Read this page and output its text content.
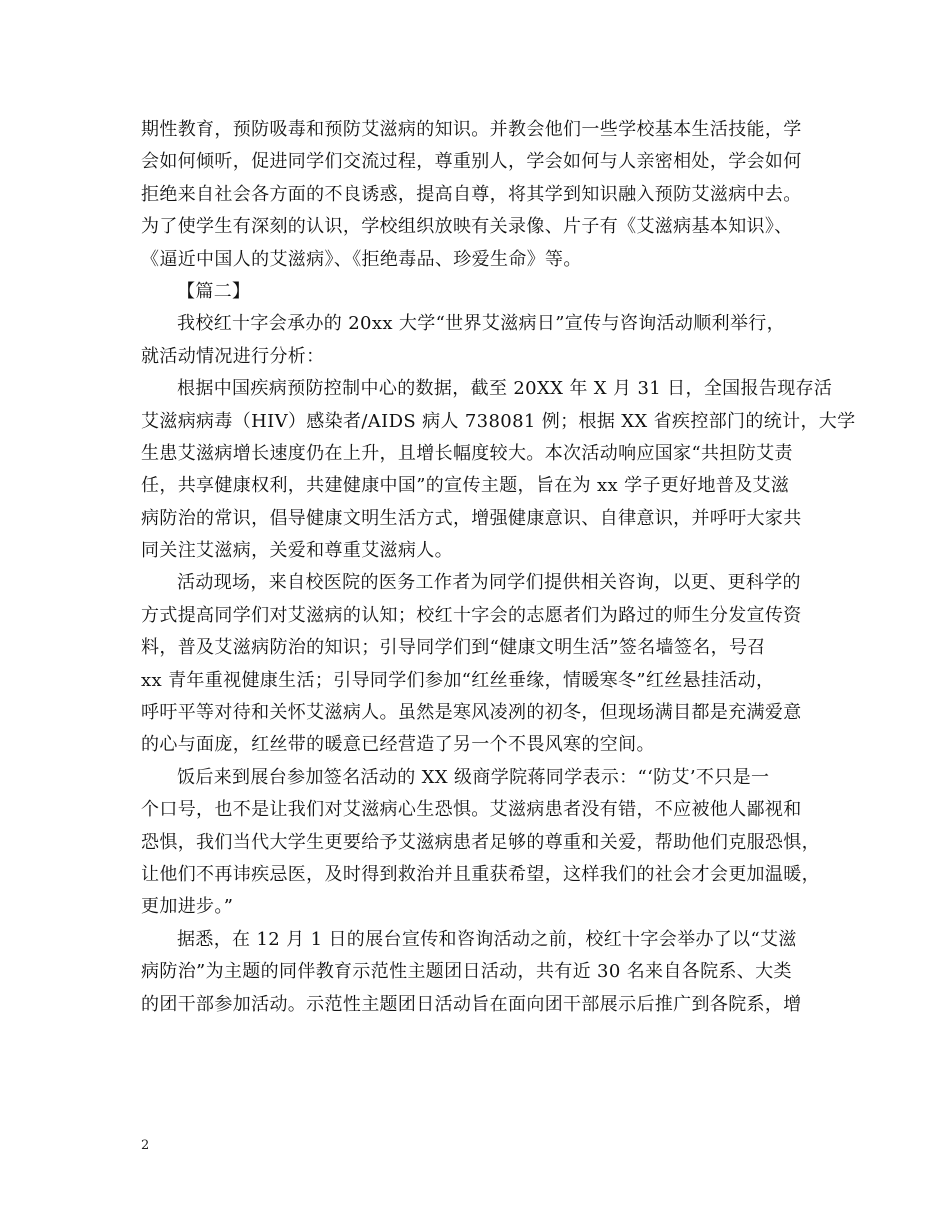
期性教育，预防吸毒和预防艾滋病的知识。并教会他们一些学校基本生活技能，学
会如何倾听，促进同学们交流过程，尊重别人，学会如何与人亲密相处，学会如何
拒绝来自社会各方面的不良诱惑，提高自尊，将其学到知识融入预防艾滋病中去。
为了使学生有深刻的认识，学校组织放映有关录像、片子有《艾滋病基本知识》、
《逼近中国人的艾滋病》、《拒绝毒品、珍爱生命》等。
【篇二】
我校红十字会承办的 20xx 大学“世界艾滋病日”宣传与咨询活动顺利举行，
就活动情况进行分析：
根据中国疾病预防控制中心的数据，截至 20XX 年 X 月 31 日，全国报告现存活
艾滋病病毒（HIV）感染者/AIDS 病人 738081 例；根据 XX 省疾控部门的统计，大学
生患艾滋病增长速度仍在上升，且增长幅度较大。本次活动响应国家“共担防艾责
任，共享健康权利，共建健康中国”的宣传主题，旨在为 xx 学子更好地普及艾滋
病防治的常识，倡导健康文明生活方式，增强健康意识、自律意识，并呼吁大家共
同关注艾滋病，关爱和尊重艾滋病人。
活动现场，来自校医院的医务工作者为同学们提供相关咨询，以更、更科学的
方式提高同学们对艾滋病的认知；校红十字会的志愿者们为路过的师生分发宣传资
料，普及艾滋病防治的知识；引导同学们到“健康文明生活”签名墙签名，号召
xx 青年重视健康生活；引导同学们参加“红丝垂缘，情暖寒冬”红丝悬挂活动，
呼吁平等对待和关怀艾滋病人。虽然是寒风凌冽的初冬，但现场满目都是充满爱意
的心与面庞，红丝带的暖意已经营造了另一个不畏风寒的空间。
饭后来到展台参加签名活动的 XX 级商学院蒋同学表示：“‘防艾’不只是一
个口号，也不是让我们对艾滋病心生恐惧。艾滋病患者没有错，不应被他人鄙视和
恐惧，我们当代大学生更要给予艾滋病患者足够的尊重和关爱，帮助他们克服恐惧，
让他们不再讳疾忌医，及时得到救治并且重获希望，这样我们的社会才会更加温暖，
更加进步。”
据悉，在 12 月 1 日的展台宣传和咨询活动之前，校红十字会举办了以“艾滋
病防治”为主题的同伴教育示范性主题团日活动，共有近 30 名来自各院系、大类
的团干部参加活动。示范性主题团日活动旨在面向团干部展示后推广到各院系，增
2
